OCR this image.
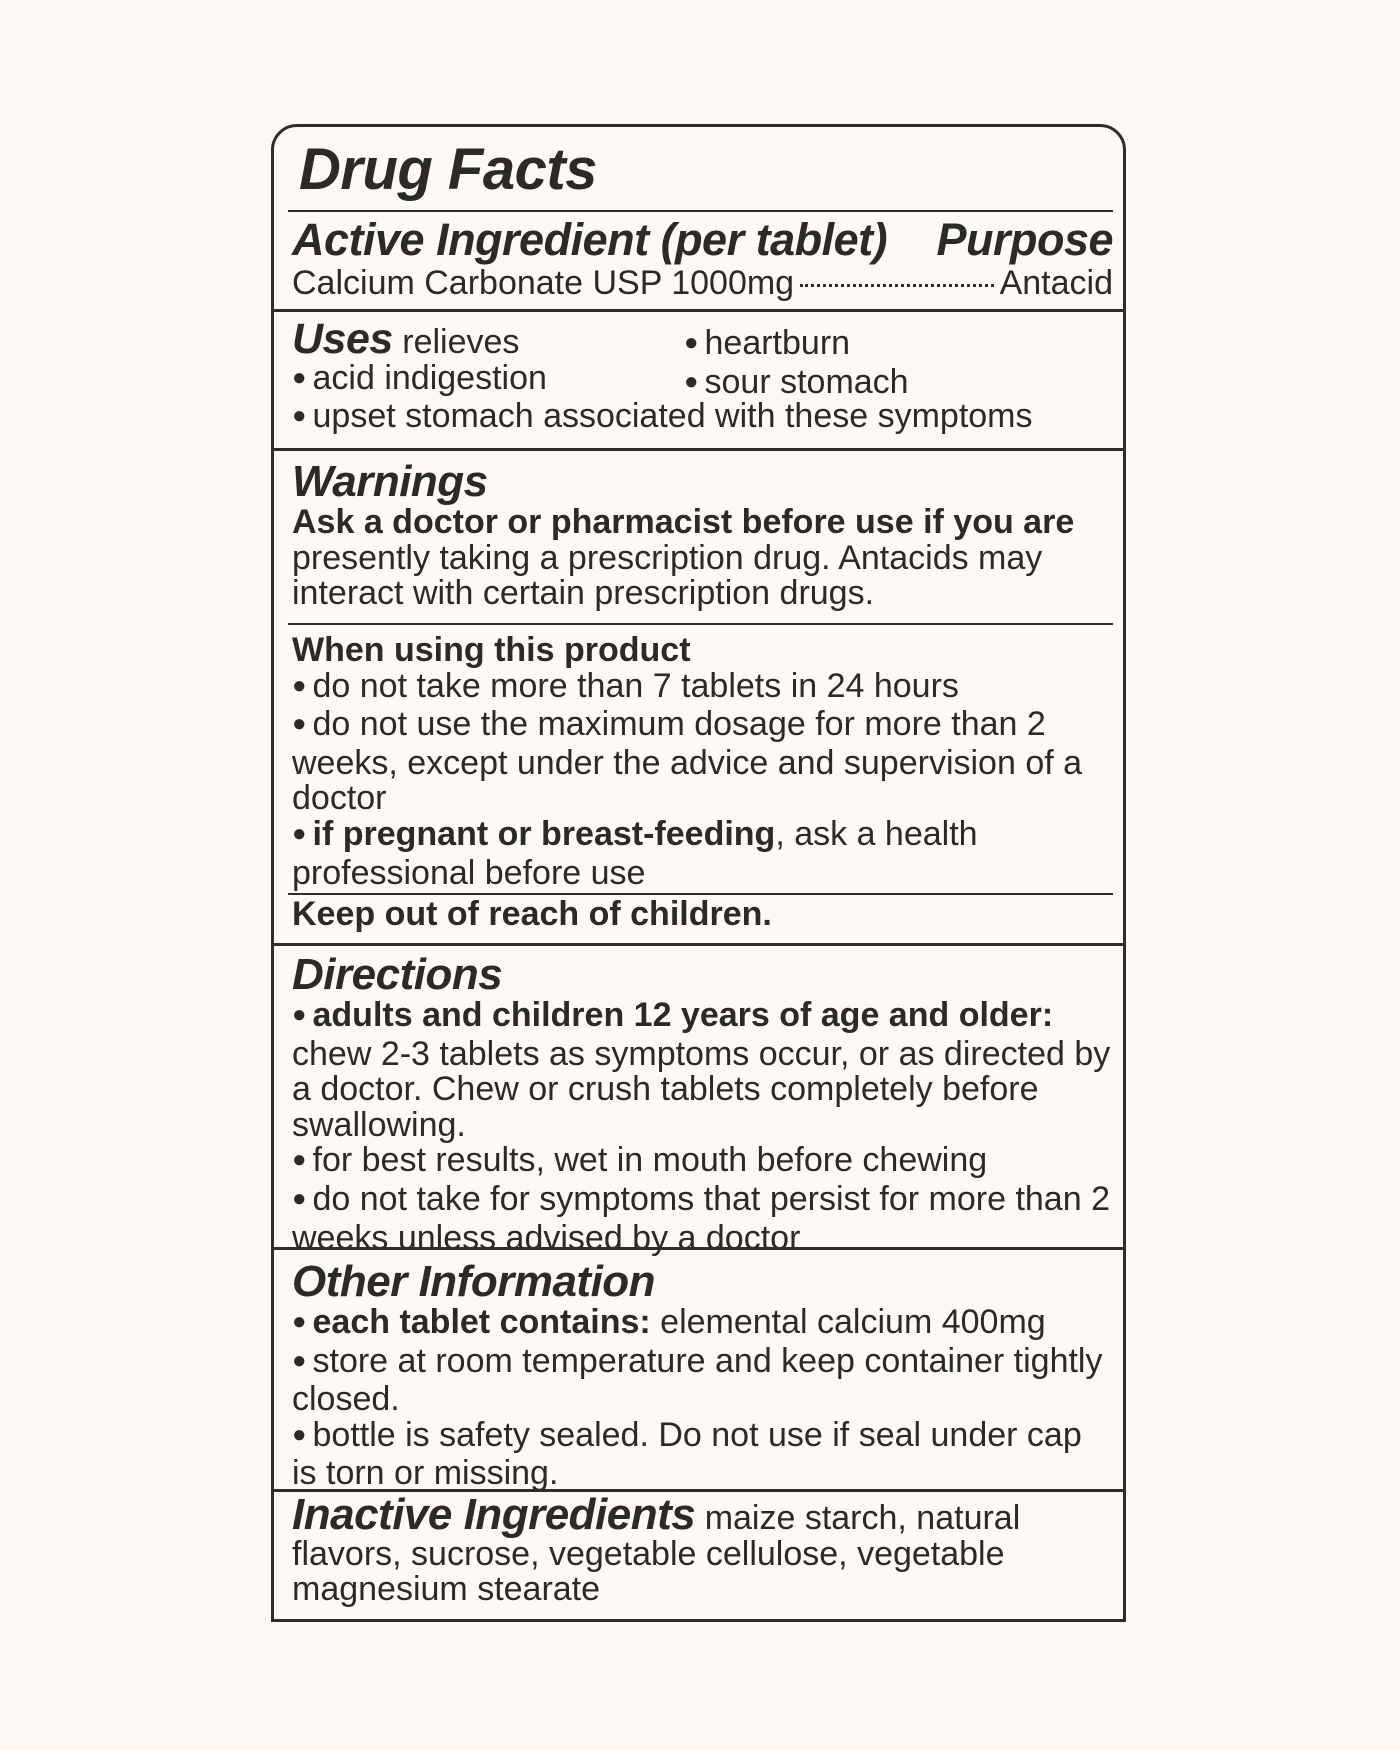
Drug Facts
Active Ingredient (per tablet) Purpose
Calcium Carbonate USP 1000mg	Antacid
Uses relieves
● acid indigestion
● upset stomach associated with these symptoms
● heartburn
● sour stomach
Warnings
Ask a doctor or pharmacist before use if you are presently taking a prescription drug. Antacids may interact with certain prescription drugs.
When using this product
● do not take more than 7 tablets in 24 hours
● do not use the maximum dosage for more than 2 weeks, except under the advice and supervision of a doctor
● if pregnant or breast-feeding, ask a health professional before use
Keep out of reach of children.
Directions
● adults and children 12 years of age and older: chew 2-3 tablets as symptoms occur, or as directed by a doctor. Chew or crush tablets completely before swallowing.
● for best results, wet in mouth before chewing
● do not take for symptoms that persist for more than 2 weeks unless advised by a doctor
Other Information
● each tablet contains: elemental calcium 400mg
● store at room temperature and keep container tightly closed.
● bottle is safety sealed. Do not use if seal under cap is torn or missing.
Inactive Ingredients maize starch, natural flavors, sucrose, vegetable cellulose, vegetable magnesium stearate
